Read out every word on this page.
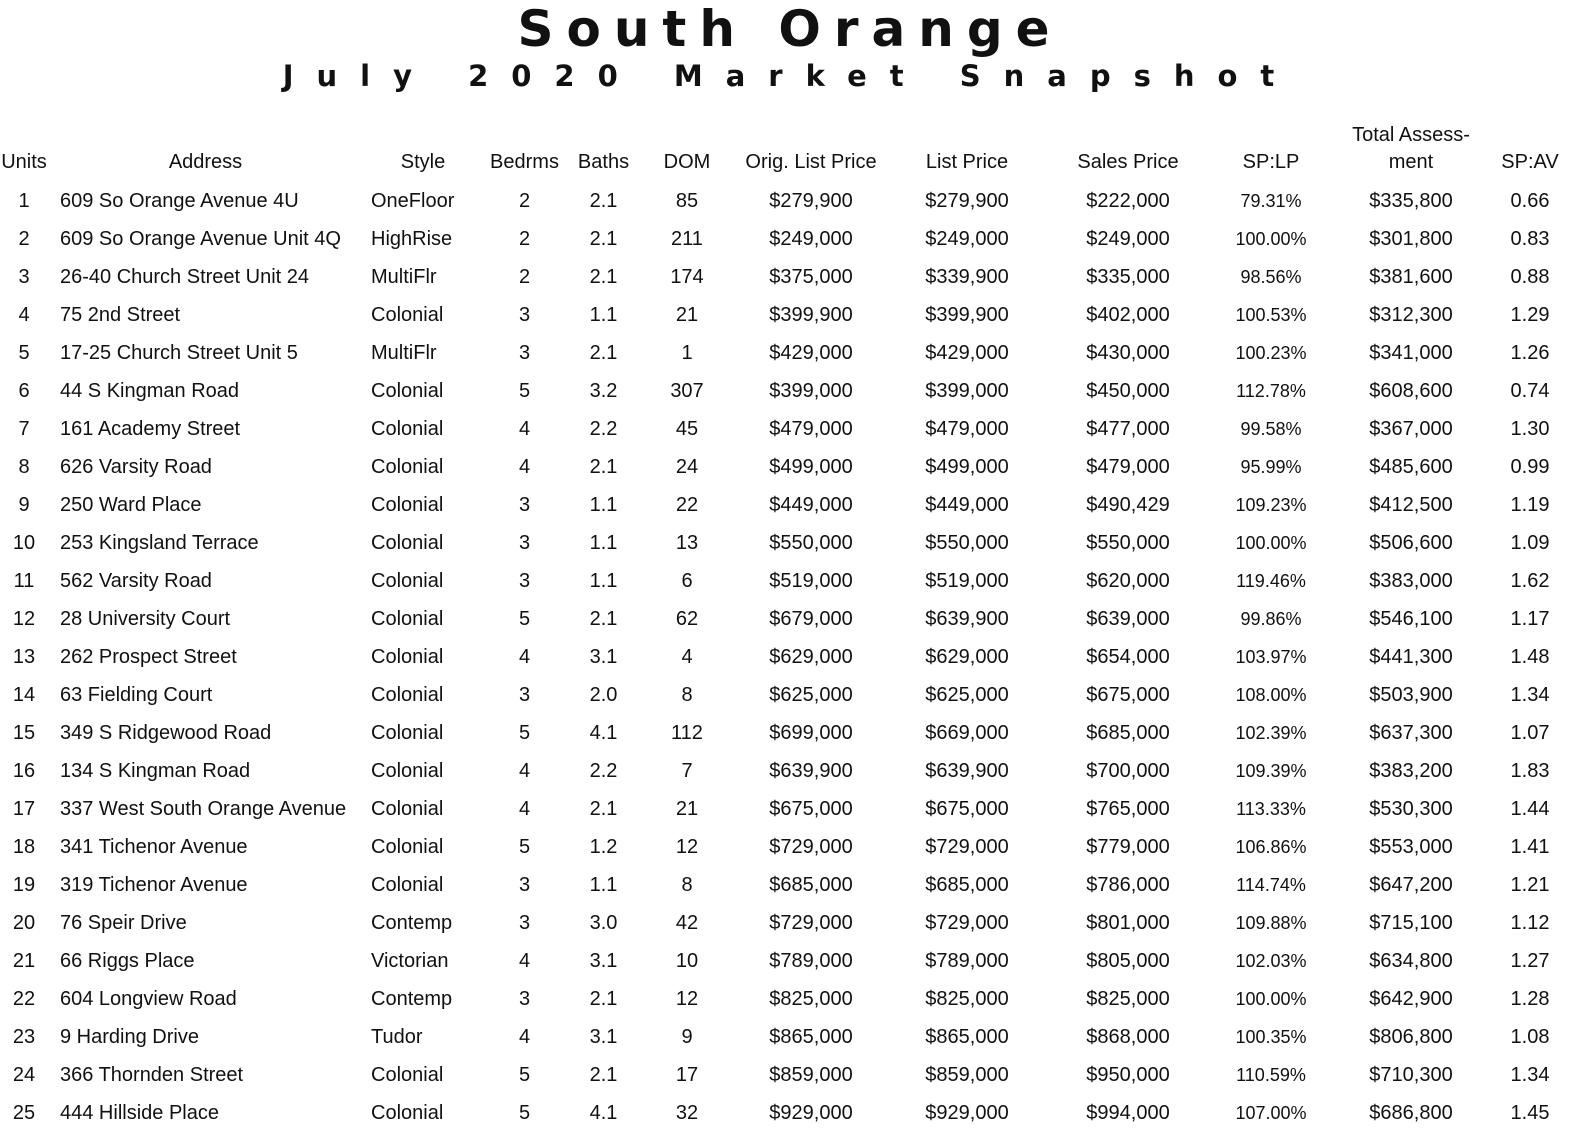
South Orange
July 2020 Market Snapshot
Units	Address	Style	Bedrms	Baths	DOM	Orig. List Price	List Price	Sales Price	SP:LP	Total Assess-ment	SP:AV
1	609 So Orange Avenue 4U	OneFloor	2	2.1	85	$279,900	$279,900	$222,000	79.31%	$335,800	0.66
2	609 So Orange Avenue Unit 4Q	HighRise	2	2.1	211	$249,000	$249,000	$249,000	100.00%	$301,800	0.83
3	26-40 Church Street Unit 24	MultiFlr	2	2.1	174	$375,000	$339,900	$335,000	98.56%	$381,600	0.88
4	75 2nd Street	Colonial	3	1.1	21	$399,900	$399,900	$402,000	100.53%	$312,300	1.29
5	17-25 Church Street Unit 5	MultiFlr	3	2.1	1	$429,000	$429,000	$430,000	100.23%	$341,000	1.26
6	44 S Kingman Road	Colonial	5	3.2	307	$399,000	$399,000	$450,000	112.78%	$608,600	0.74
7	161 Academy Street	Colonial	4	2.2	45	$479,000	$479,000	$477,000	99.58%	$367,000	1.30
8	626 Varsity Road	Colonial	4	2.1	24	$499,000	$499,000	$479,000	95.99%	$485,600	0.99
9	250 Ward Place	Colonial	3	1.1	22	$449,000	$449,000	$490,429	109.23%	$412,500	1.19
10	253 Kingsland Terrace	Colonial	3	1.1	13	$550,000	$550,000	$550,000	100.00%	$506,600	1.09
11	562 Varsity Road	Colonial	3	1.1	6	$519,000	$519,000	$620,000	119.46%	$383,000	1.62
12	28 University Court	Colonial	5	2.1	62	$679,000	$639,900	$639,000	99.86%	$546,100	1.17
13	262 Prospect Street	Colonial	4	3.1	4	$629,000	$629,000	$654,000	103.97%	$441,300	1.48
14	63 Fielding Court	Colonial	3	2.0	8	$625,000	$625,000	$675,000	108.00%	$503,900	1.34
15	349 S Ridgewood Road	Colonial	5	4.1	112	$699,000	$669,000	$685,000	102.39%	$637,300	1.07
16	134 S Kingman Road	Colonial	4	2.2	7	$639,900	$639,900	$700,000	109.39%	$383,200	1.83
17	337 West South Orange Avenue	Colonial	4	2.1	21	$675,000	$675,000	$765,000	113.33%	$530,300	1.44
18	341 Tichenor Avenue	Colonial	5	1.2	12	$729,000	$729,000	$779,000	106.86%	$553,000	1.41
19	319 Tichenor Avenue	Colonial	3	1.1	8	$685,000	$685,000	$786,000	114.74%	$647,200	1.21
20	76 Speir Drive	Contemp	3	3.0	42	$729,000	$729,000	$801,000	109.88%	$715,100	1.12
21	66 Riggs Place	Victorian	4	3.1	10	$789,000	$789,000	$805,000	102.03%	$634,800	1.27
22	604 Longview Road	Contemp	3	2.1	12	$825,000	$825,000	$825,000	100.00%	$642,900	1.28
23	9 Harding Drive	Tudor	4	3.1	9	$865,000	$865,000	$868,000	100.35%	$806,800	1.08
24	366 Thornden Street	Colonial	5	2.1	17	$859,000	$859,000	$950,000	110.59%	$710,300	1.34
25	444 Hillside Place	Colonial	5	4.1	32	$929,000	$929,000	$994,000	107.00%	$686,800	1.45
